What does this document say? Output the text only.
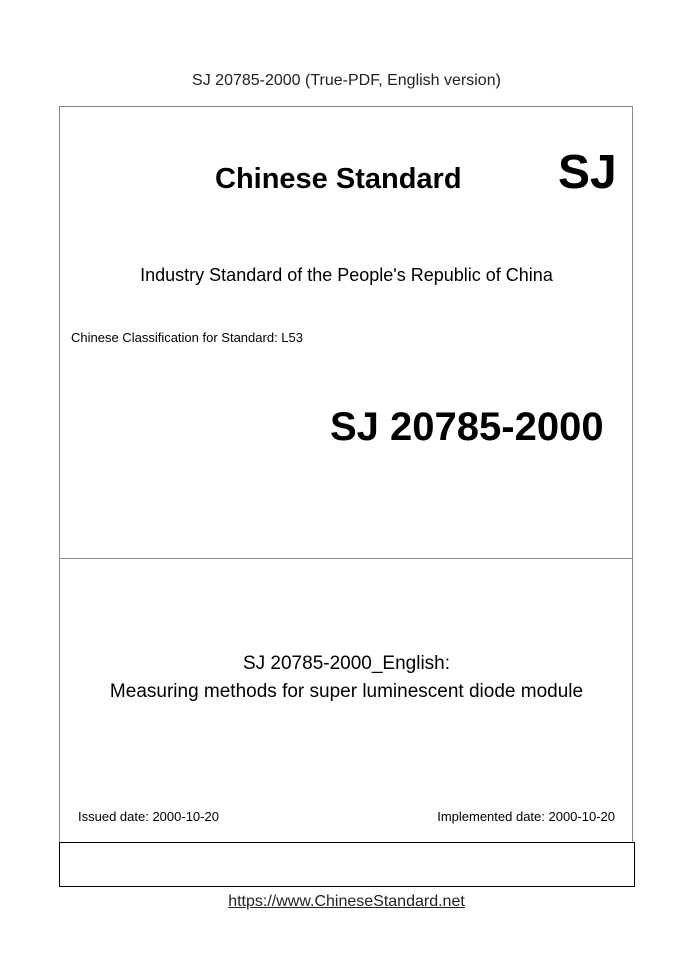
SJ 20785-2000 (True-PDF, English version)
Chinese Standard SJ
Industry Standard of the People's Republic of China
Chinese Classification for Standard: L53
SJ 20785-2000
SJ 20785-2000_English:
Measuring methods for super luminescent diode module
Issued date: 2000-10-20	Implemented date: 2000-10-20
https://www.ChineseStandard.net
